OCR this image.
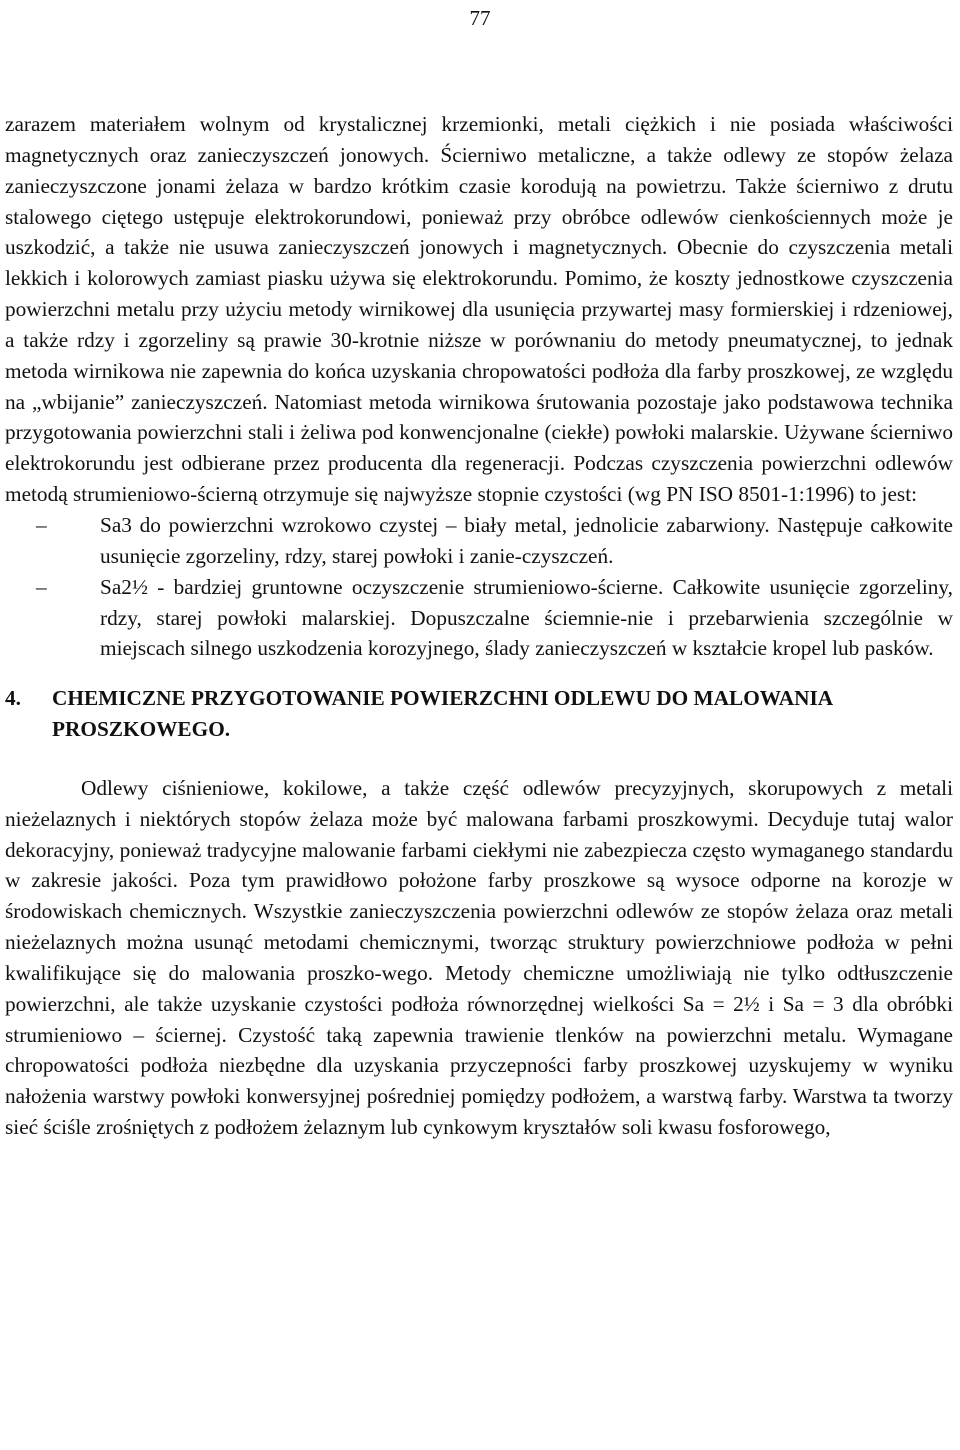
77

zarazem materiałem wolnym od krystalicznej krzemionki, metali ciężkich i nie posiada właściwości magnetycznych oraz zanieczyszczeń jonowych. Ścierniwo metaliczne, a także odlewy ze stopów żelaza zanieczyszczone jonami żelaza w bardzo krótkim czasie korodują na powietrzu. Także ścierniwo z drutu stalowego ciętego ustępuje elektrokorundowi, ponieważ przy obróbce odlewów cienkościennych może je uszkodzić, a także nie usuwa zanieczyszczeń jonowych i magnetycznych. Obecnie do czyszczenia metali lekkich i kolorowych zamiast piasku używa się elektrokorundu. Pomimo, że koszty jednostkowe czyszczenia powierzchni metalu przy użyciu metody wirnikowej dla usunięcia przywartej masy formierskiej i rdzeniowej, a także rdzy i zgorzeliny są prawie 30-krotnie niższe w porównaniu do metody pneumatycznej, to jednak metoda wirnikowa nie zapewnia do końca uzyskania chropowatości podłoża dla farby proszkowej, ze względu na „wbijanie” zanieczyszczeń. Natomiast metoda wirnikowa śrutowania pozostaje jako podstawowa technika przygotowania powierzchni stali i żeliwa pod konwencjonalne (ciekłe) powłoki malarskie. Używane ścierniwo elektrokorundu jest odbierane przez producenta dla regeneracji. Podczas czyszczenia powierzchni odlewów metodą strumieniowo-ścierną otrzymuje się najwyższe stopnie czystości (wg PN ISO 8501-1:1996) to jest:

–	Sa3 do powierzchni wzrokowo czystej – biały metal, jednolicie zabarwiony. Następuje całkowite usunięcie zgorzeliny, rdzy, starej powłoki i zanie-czyszczeń.
–	Sa2½ - bardziej gruntowne oczyszczenie strumieniowo-ścierne. Całkowite usunięcie zgorzeliny, rdzy, starej powłoki malarskiej. Dopuszczalne ściemnie-nie i przebarwienia szczególnie w miejscach silnego uszkodzenia korozyjnego, ślady zanieczyszczeń w kształcie kropel lub pasków.
4. CHEMICZNE PRZYGOTOWANIE POWIERZCHNI ODLEWU DO MALOWANIA PROSZKOWEGO.

Odlewy ciśnieniowe, kokilowe, a także część odlewów precyzyjnych, skorupowych z metali nieżelaznych i niektórych stopów żelaza może być malowana farbami proszkowymi. Decyduje tutaj walor dekoracyjny, ponieważ tradycyjne malowanie farbami ciekłymi nie zabezpiecza często wymaganego standardu w zakresie jakości. Poza tym prawidłowo położone farby proszkowe są wysoce odporne na korozje w środowiskach chemicznych. Wszystkie zanieczyszczenia powierzchni odlewów ze stopów żelaza oraz metali nieżelaznych można usunąć metodami chemicznymi, tworząc struktury powierzchniowe podłoża w pełni kwalifikujące się do malowania proszko-wego. Metody chemiczne umożliwiają nie tylko odtłuszczenie powierzchni, ale także uzyskanie czystości podłoża równorzędnej wielkości Sa = 2½ i Sa = 3 dla obróbki strumieniowo – ściernej. Czystość taką zapewnia trawienie tlenków na powierzchni metalu. Wymagane chropowatości podłoża niezbędne dla uzyskania przyczepności farby proszkowej uzyskujemy w wyniku nałożenia warstwy powłoki konwersyjnej pośredniej pomiędzy podłożem, a warstwą farby. Warstwa ta tworzy sieć ściśle zrośniętych z podłożem żelaznym lub cynkowym kryształów soli kwasu fosforowego,
